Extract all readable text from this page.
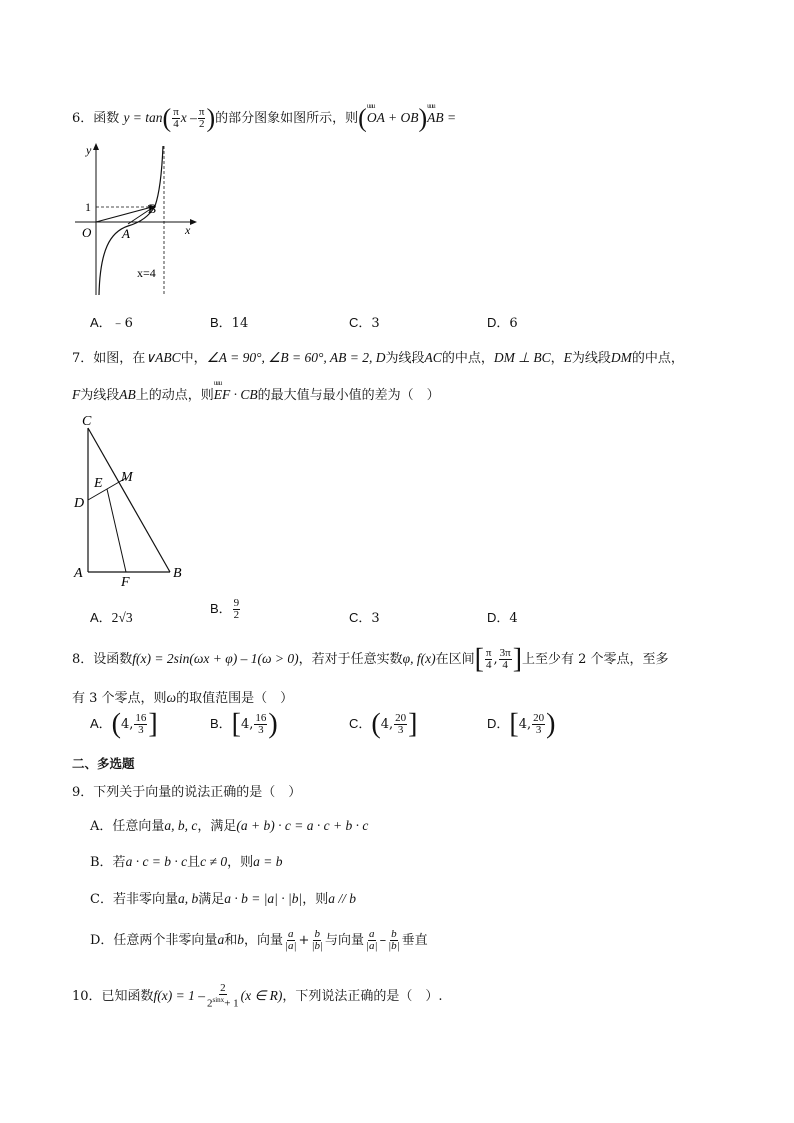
6．函数 $y = \tan( \frac{\pi}{4}$ x – $\frac{\pi}{2}$ )的部分图象如图所示，则(uuu OA + OB)uuu AB =
y
x
O
1
A
B
x=4
A．﹣6	B．14	C．3	D．6
7．如图，在∨ABC中，∠A = 90°, ∠B = 60°, AB = 2, D为线段AC的中点，DM ⊥ BC，E为线段DM的中点，
F为线段AB上的动点，则uuu EF · CB的最大值与最小值的差为（　）
C
M
E
D
A
F
B
A．2√3
B． $\frac{9}{2}$	C．3	D．4
8．设函数f(x) = 2sin(ωx + φ) – 1(ω > 0)，若对于任意实数φ, f(x)在区间[ $\frac{\pi}{4}$ , $\frac{3\pi}{4}$ ]上至少有 2 个零点，至多
有 3 个零点，则ω的取值范围是（　）
A．(4, $\frac{16}{3}$ ]	B．[4, $\frac{16}{3}$ )	C．(4, $\frac{20}{3}$ ]	D．[4, $\frac{20}{3}$ )
二、多选题
9．下列关于向量的说法正确的是（　）
A．任意向量a, b, c，满足(a + b) · c = a · c + b · c
B．若a · c = b · c且c ≠ 0，则a = b
C．若非零向量a, b满足a · b = |a| · |b|，则a // b
D．任意两个非零向量a和b，向量 $\frac{a}{|a|} + \frac{b}{|b|}$ 与向量 $\frac{a}{|a|} - \frac{b}{|b|}$ 垂直
10．已知函数$f(x) = 1 - \frac{2}{2^{sinx}+ 1} (x$ ∈ R)，下列说法正确的是（　）.
